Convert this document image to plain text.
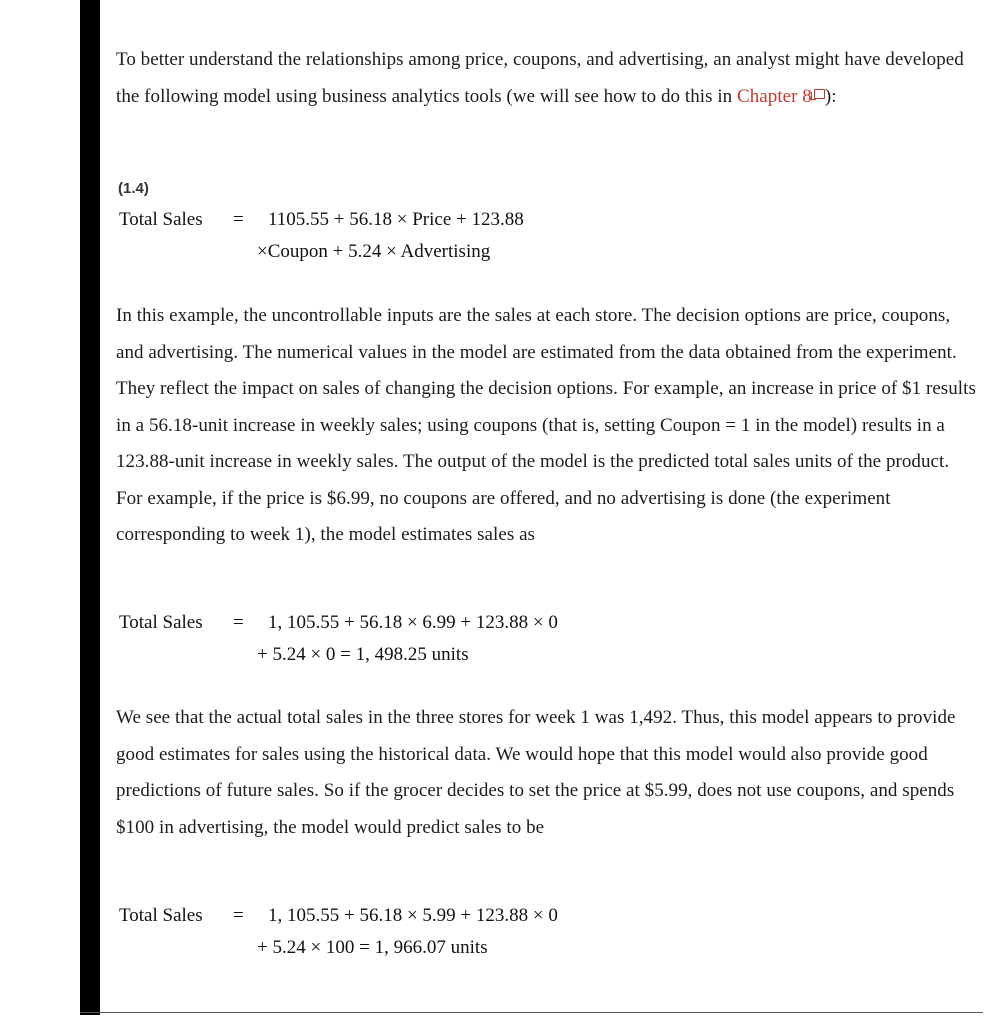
To better understand the relationships among price, coupons, and advertising, an analyst might have developed the following model using business analytics tools (we will see how to do this in Chapter 8 ):

(1.4)
Total Sales = 1105.55 + 56.18 × Price + 123.88
×Coupon + 5.24 × Advertising

In this example, the uncontrollable inputs are the sales at each store. The decision options are price, coupons, and advertising. The numerical values in the model are estimated from the data obtained from the experiment. They reflect the impact on sales of changing the decision options. For example, an increase in price of $1 results in a 56.18-unit increase in weekly sales; using coupons (that is, setting Coupon = 1 in the model) results in a 123.88-unit increase in weekly sales. The output of the model is the predicted total sales units of the product. For example, if the price is $6.99, no coupons are offered, and no advertising is done (the experiment corresponding to week 1), the model estimates sales as

Total Sales = 1, 105.55 + 56.18 × 6.99 + 123.88 × 0
+ 5.24 × 0 = 1, 498.25 units

We see that the actual total sales in the three stores for week 1 was 1,492. Thus, this model appears to provide good estimates for sales using the historical data. We would hope that this model would also provide good predictions of future sales. So if the grocer decides to set the price at $5.99, does not use coupons, and spends $100 in advertising, the model would predict sales to be

Total Sales = 1, 105.55 + 56.18 × 5.99 + 123.88 × 0
+ 5.24 × 100 = 1, 966.07 units
